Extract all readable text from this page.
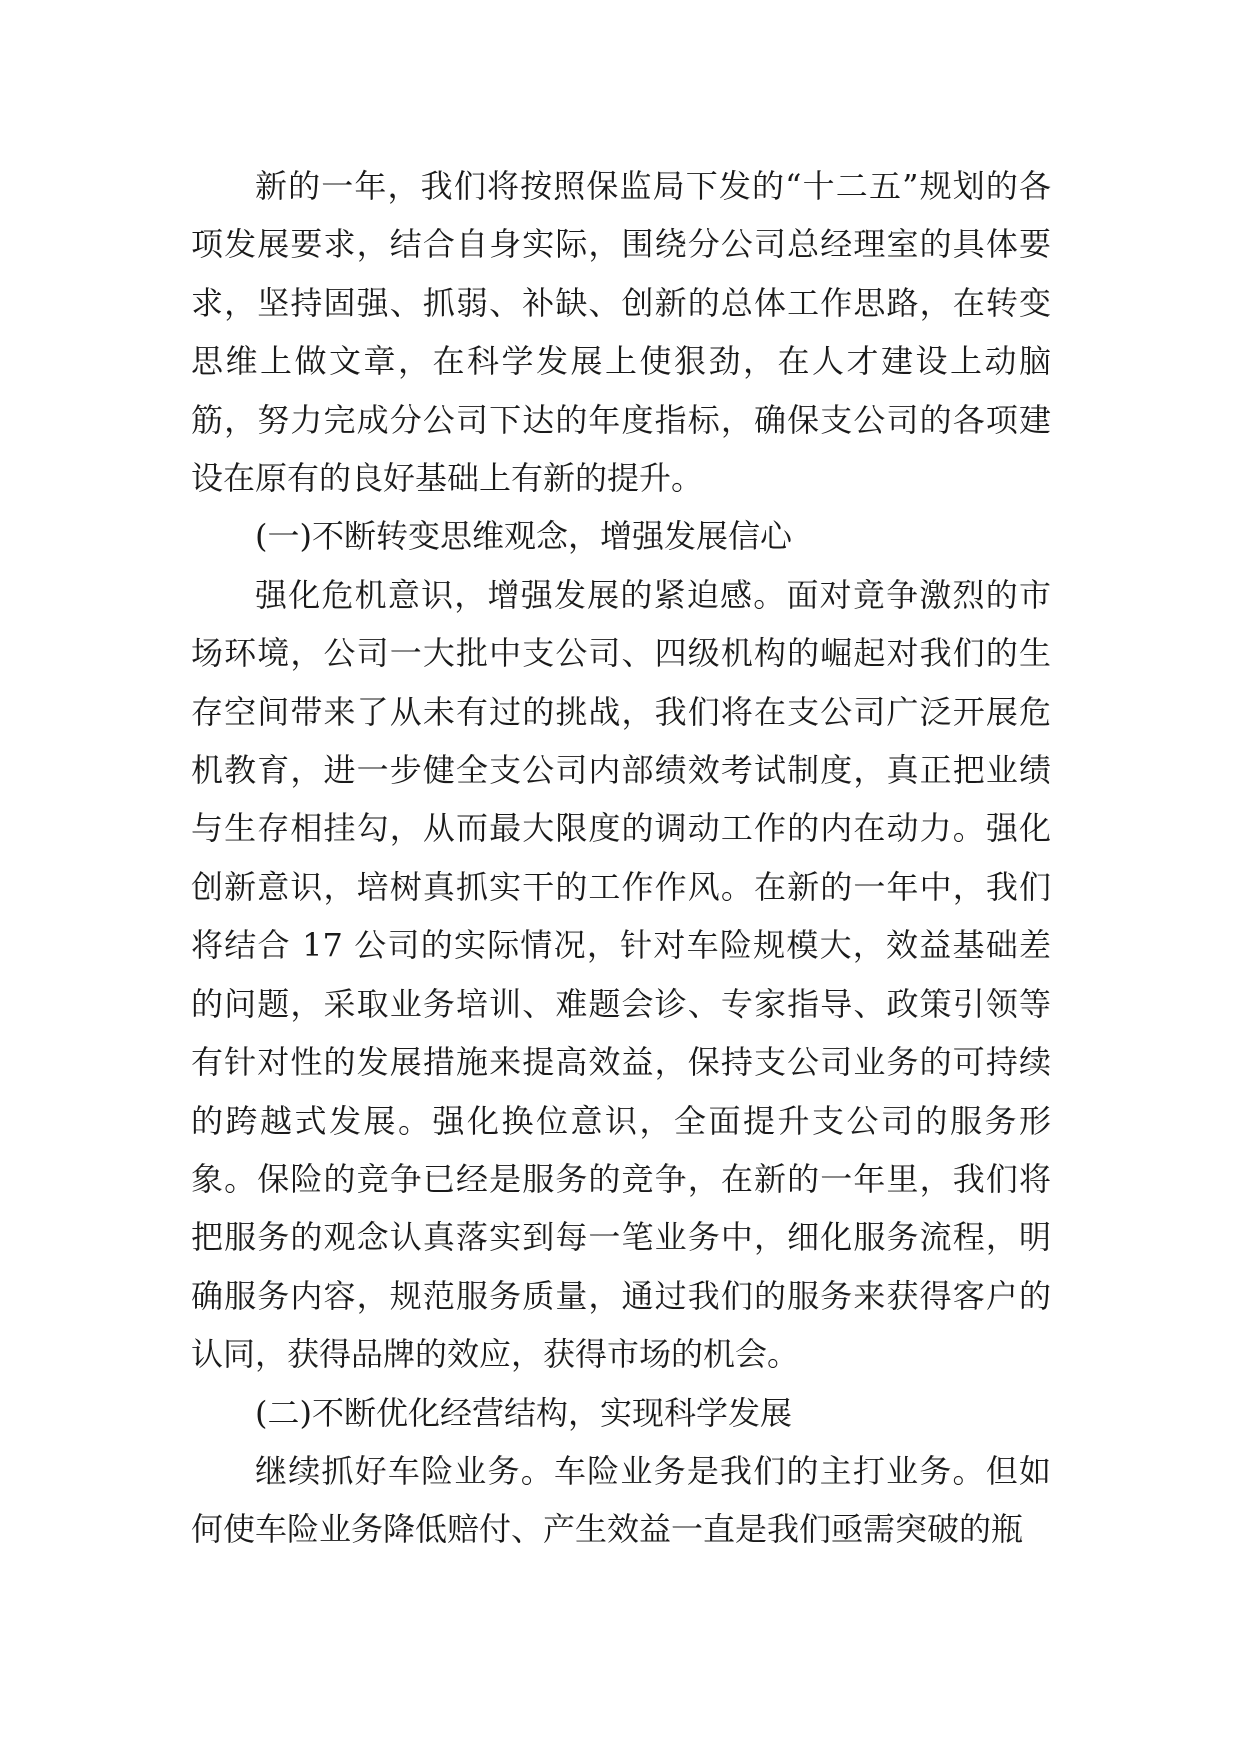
新的一年，我们将按照保监局下发的“十二五”规划的各项发展要求，结合自身实际，围绕分公司总经理室的具体要求，坚持固强、抓弱、补缺、创新的总体工作思路，在转变思维上做文章，在科学发展上使狠劲，在人才建设上动脑筋，努力完成分公司下达的年度指标，确保支公司的各项建设在原有的良好基础上有新的提升。

(一)不断转变思维观念，增强发展信心

强化危机意识，增强发展的紧迫感。面对竟争激烈的市场环境，公司一大批中支公司、四级机构的崛起对我们的生存空间带来了从未有过的挑战，我们将在支公司广泛开展危机教育，进一步健全支公司内部绩效考试制度，真正把业绩与生存相挂勾，从而最大限度的调动工作的内在动力。强化创新意识，培树真抓实干的工作作风。在新的一年中，我们将结合 17 公司的实际情况，针对车险规模大，效益基础差的问题，采取业务培训、难题会诊、专家指导、政策引领等有针对性的发展措施来提高效益，保持支公司业务的可持续的跨越式发展。强化换位意识，全面提升支公司的服务形象。保险的竞争已经是服务的竞争，在新的一年里，我们将把服务的观念认真落实到每一笔业务中，细化服务流程，明确服务内容，规范服务质量，通过我们的服务来获得客户的认同，获得品牌的效应，获得市场的机会。

(二)不断优化经营结构，实现科学发展

继续抓好车险业务。车险业务是我们的主打业务。但如何使车险业务降低赔付、产生效益一直是我们亟需突破的瓶
